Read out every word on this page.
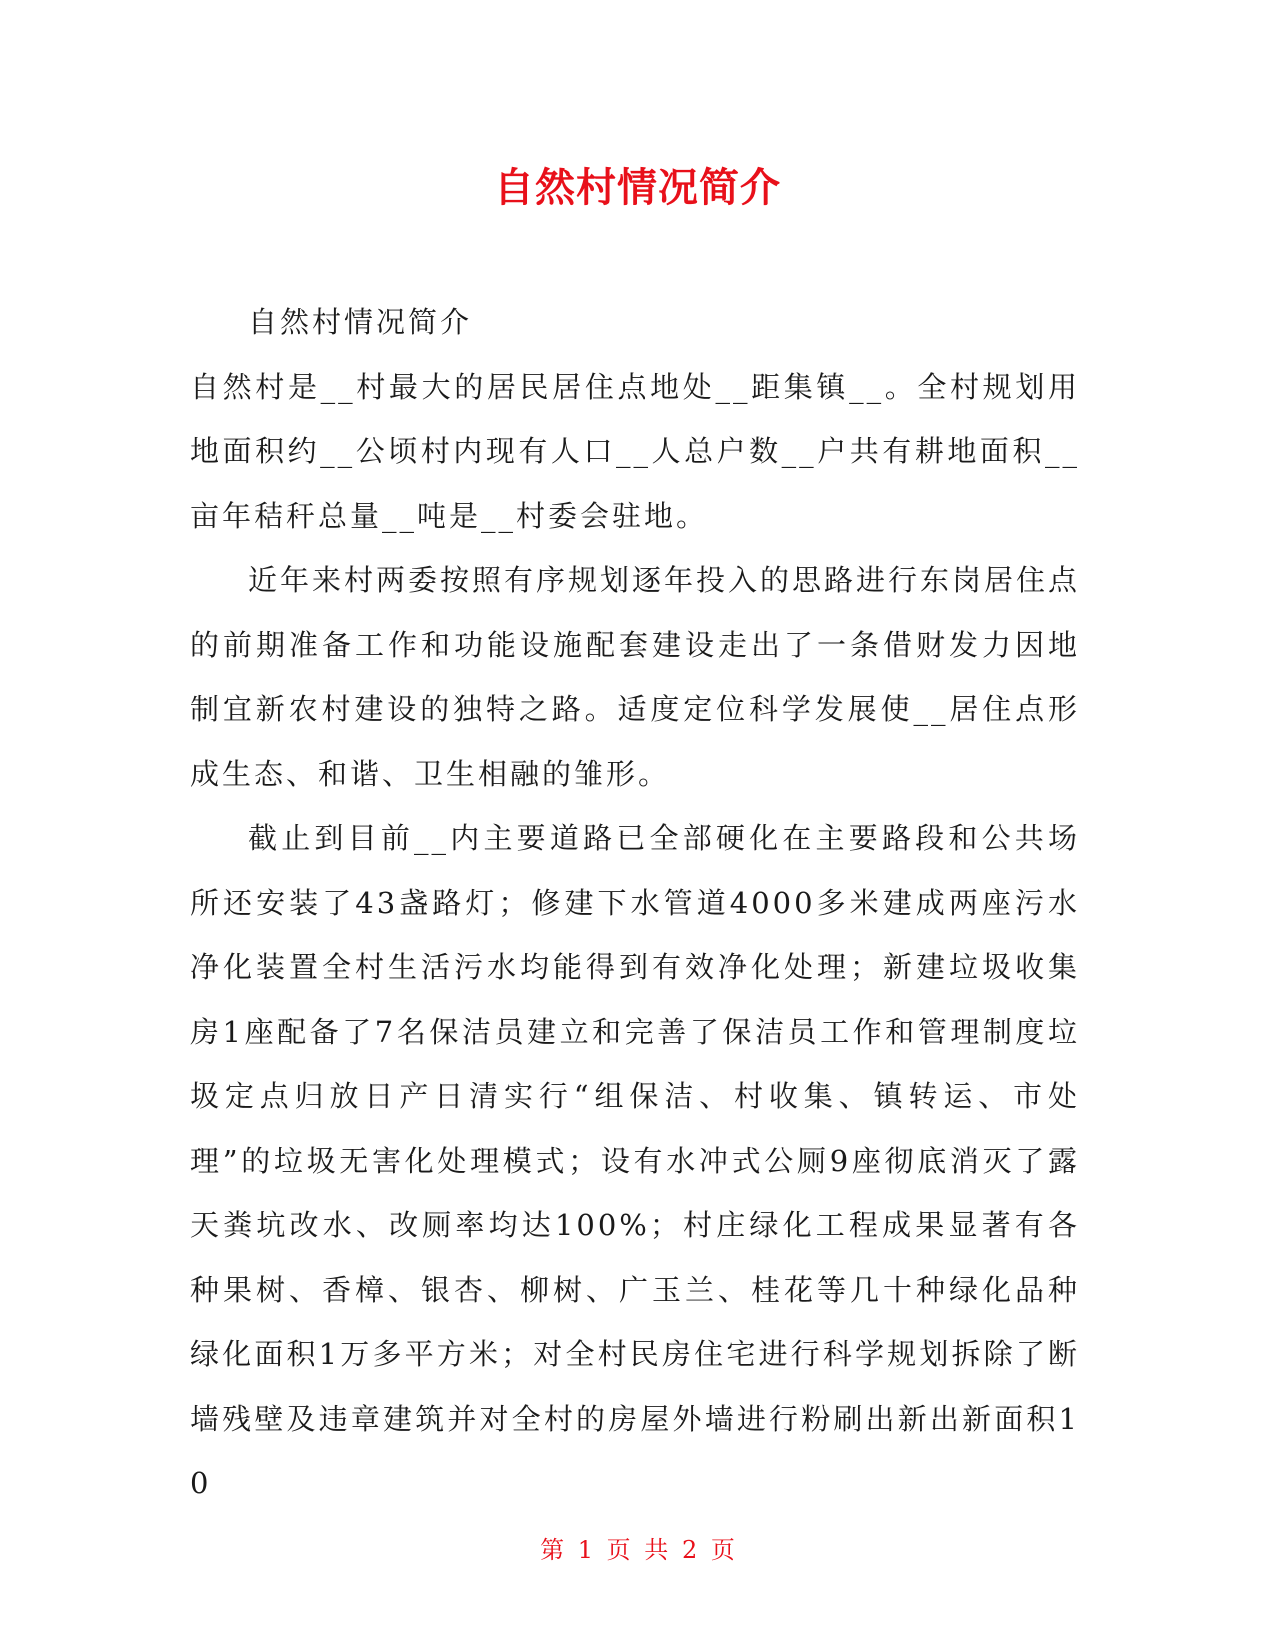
自然村情况简介

自然村情况简介

自然村是__村最大的居民居住点地处__距集镇__。全村规划用地面积约__公顷村内现有人口__人总户数__户共有耕地面积__亩年秸秆总量__吨是__村委会驻地。

近年来村两委按照有序规划逐年投入的思路进行东岗居住点的前期准备工作和功能设施配套建设走出了一条借财发力因地制宜新农村建设的独特之路。适度定位科学发展使__居住点形成生态、和谐、卫生相融的雏形。

截止到目前__内主要道路已全部硬化在主要路段和公共场所还安装了43盏路灯；修建下水管道4000多米建成两座污水净化装置全村生活污水均能得到有效净化处理；新建垃圾收集房1座配备了7名保洁员建立和完善了保洁员工作和管理制度垃圾定点归放日产日清实行“组保洁、村收集、镇转运、市处理”的垃圾无害化处理模式；设有水冲式公厕9座彻底消灭了露天粪坑改水、改厕率均达100%；村庄绿化工程成果显著有各种果树、香樟、银杏、柳树、广玉兰、桂花等几十种绿化品种绿化面积1万多平方米；对全村民房住宅进行科学规划拆除了断墙残壁及违章建筑并对全村的房屋外墙进行粉刷出新出新面积10

第 1 页 共 2 页
